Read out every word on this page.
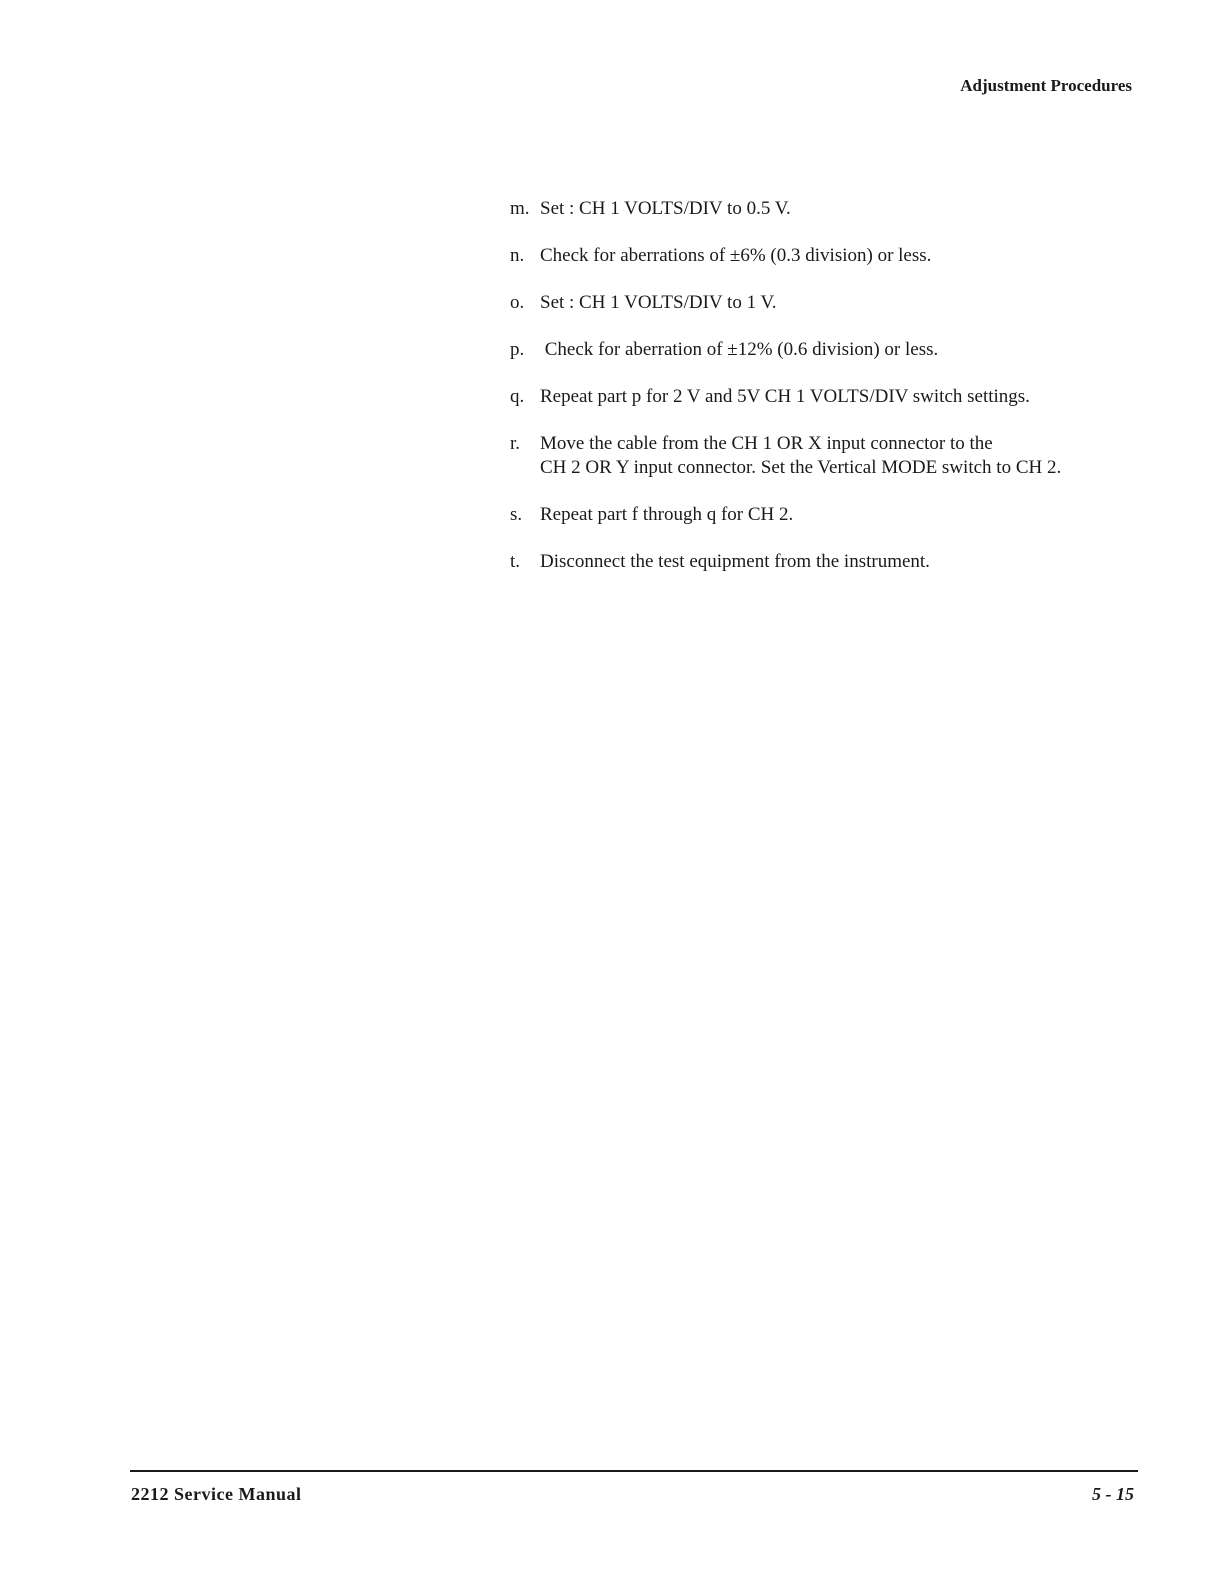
Adjustment Procedures
m. Set : CH 1 VOLTS/DIV to 0.5 V.
n. Check for aberrations of ±6% (0.3 division) or less.
o. Set : CH 1 VOLTS/DIV to 1 V.
p. Check for aberration of ±12% (0.6 division) or less.
q. Repeat part p for 2 V and 5V CH 1 VOLTS/DIV switch settings.
r.	Move the cable from the CH 1 OR X input connector to the
CH 2 OR Y input connector. Set the Vertical MODE switch to CH 2.
s. Repeat part f through q for CH 2.
t.	Disconnect the test equipment from the instrument.
2212 Service Manual	5 - 15
